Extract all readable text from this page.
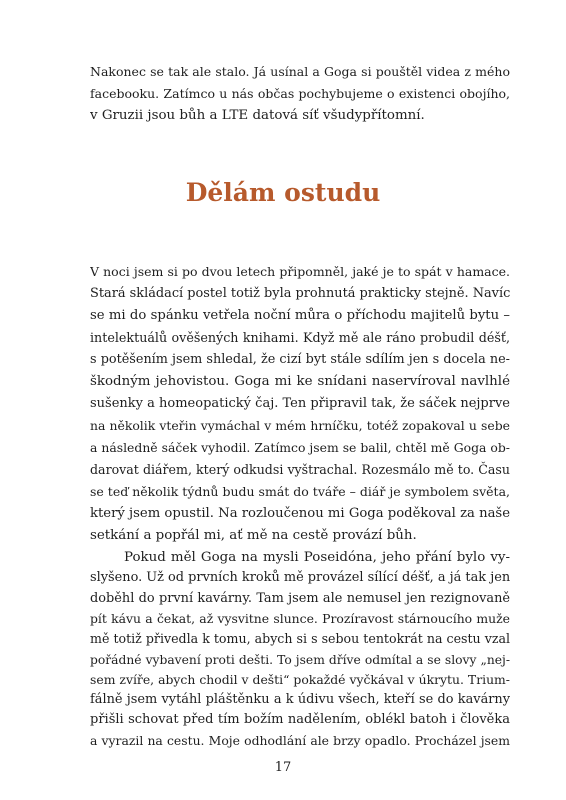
Nakonec se tak ale stalo. Já usínal a Goga si pouštěl videa z mého
facebooku. Zatímco u nás občas pochybujeme o existenci obojího,
v Gruzii jsou bůh a LTE datová síť všudypřítomní.
Dělám ostudu
V noci jsem si po dvou letech připomněl, jaké je to spát v hamace.
Stará skládací postel totiž byla prohnutá prakticky stejně. Navíc
se mi do spánku vetřela noční můra o příchodu majitelů bytu –
intelektuálů ověšených knihami. Když mě ale ráno probudil déšť,
s potěšením jsem shledal, že cizí byt stále sdílím jen s docela ne-
škodným jehovistou. Goga mi ke snídani naservíroval navlhlé
sušenky a homeopatický čaj. Ten připravil tak, že sáček nejprve
na několik vteřin vymáchal v mém hrníčku, totéž zopakoval u sebe
a následně sáček vyhodil. Zatímco jsem se balil, chtěl mě Goga ob-
darovat diářem, který odkudsi vyštrachal. Rozesmálo mě to. Času
se teď několik týdnů budu smát do tváře – diář je symbolem světa,
který jsem opustil. Na rozloučenou mi Goga poděkoval za naše
setkání a popřál mi, ať mě na cestě provází bůh.
Pokud měl Goga na mysli Poseidóna, jeho přání bylo vy-
slyšeno. Už od prvních kroků mě provázel sílící déšť, a já tak jen
doběhl do první kavárny. Tam jsem ale nemusel jen rezignovaně
pít kávu a čekat, až vysvitne slunce. Prozíravost stárnoucího muže
mě totiž přivedla k tomu, abych si s sebou tentokrát na cestu vzal
pořádné vybavení proti dešti. To jsem dříve odmítal a se slovy „nej-
sem zvíře, abych chodil v dešti“ pokaždé vyčkával v úkrytu. Trium-
fálně jsem vytáhl pláštěnku a k údivu všech, kteří se do kavárny
přišli schovat před tím božím nadělením, oblékl batoh i člověka
a vyrazil na cestu. Moje odhodlání ale brzy opadlo. Procházel jsem
17
